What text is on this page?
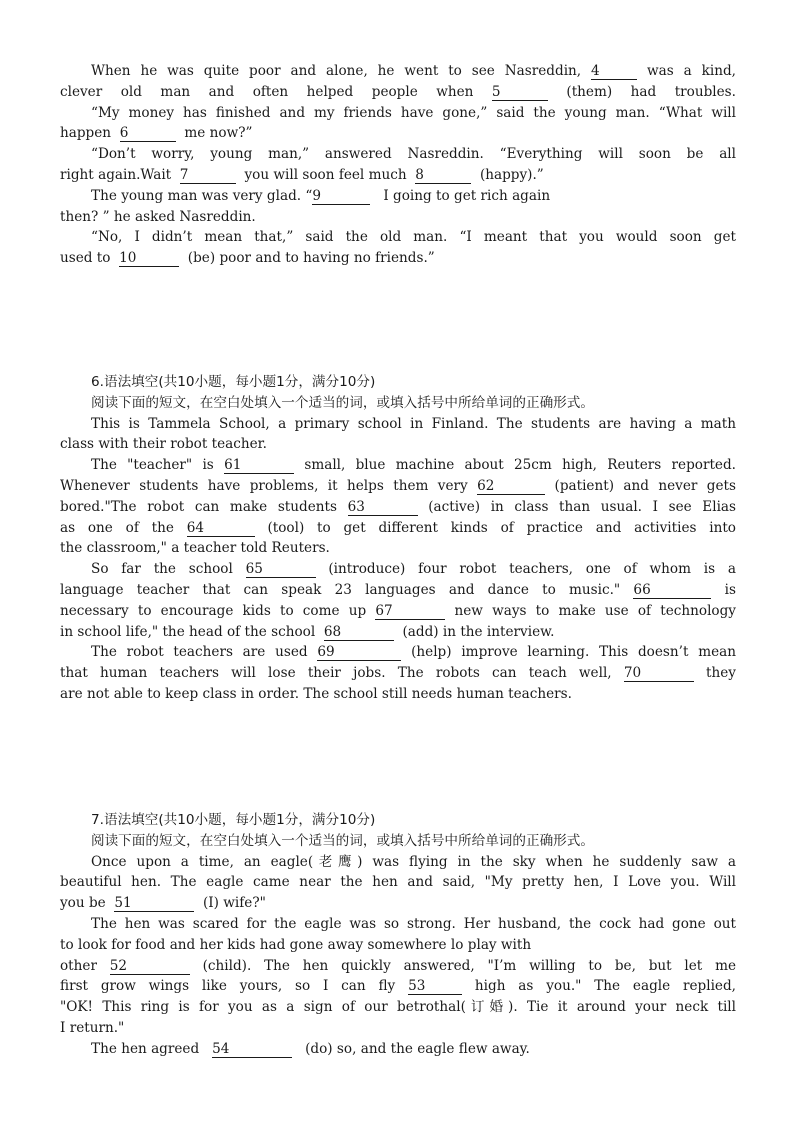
When he was quite poor and alone, he went to see Nasreddin, 4	was a kind,
clever old man and often helped people when 5	(them) had troubles.
“My money has finished and my friends have gone,” said the young man. “What will
happen 6	me now?”
“Don’t worry, young man,” answered Nasreddin. “Everything will soon be all
right again.Wait 7	you will soon feel much 8	(happy).”
The young man was very glad. “9	I going to get rich again
then? ” he asked Nasreddin.
“No, I didn’t mean that,” said the old man. “I meant that you would soon get
used to 10	(be) poor and to having no friends.”
6.语法填空(共10小题，每小题1分，满分10分)
阅读下面的短文，在空白处填入一个适当的词，或填入括号中所给单词的正确形式。
This is Tammela School, a primary school in Finland. The students are having a math
class with their robot teacher.
The "teacher" is 61	small, blue machine about 25cm high, Reuters reported.
Whenever students have problems, it helps them very 62	(patient) and never gets
bored."The robot can make students 63	(active) in class than usual. I see Elias
as one of the 64	(tool) to get different kinds of practice and activities into
the classroom," a teacher told Reuters.
So far the school 65	(introduce) four robot teachers, one of whom is a
language teacher that can speak 23 languages and dance to music." 66	is
necessary to encourage kids to come up 67	new ways to make use of technology
in school life," the head of the school 68	(add) in the interview.
The robot teachers are used 69	(help) improve learning. This doesn’t mean
that human teachers will lose their jobs. The robots can teach well, 70	they
are not able to keep class in order. The school still needs human teachers.
7.语法填空(共10小题，每小题1分，满分10分)
阅读下面的短文，在空白处填入一个适当的词，或填入括号中所给单词的正确形式。
Once upon a time, an eagle(老鹰) was flying in the sky when he suddenly saw a
beautiful hen. The eagle came near the hen and said, "My pretty hen, I Love you. Will
you be 51	(I) wife?"
The hen was scared for the eagle was so strong. Her husband, the cock had gone out
to look for food and her kids had gone away somewhere lo play with
other 52	(child). The hen quickly answered, "I’m willing to be, but let me
first grow wings like yours, so I can fly 53	high as you." The eagle replied,
"OK! This ring is for you as a sign of our betrothal(订婚). Tie it around your neck till
I return."
The hen agreed 54	(do) so, and the eagle flew away.
